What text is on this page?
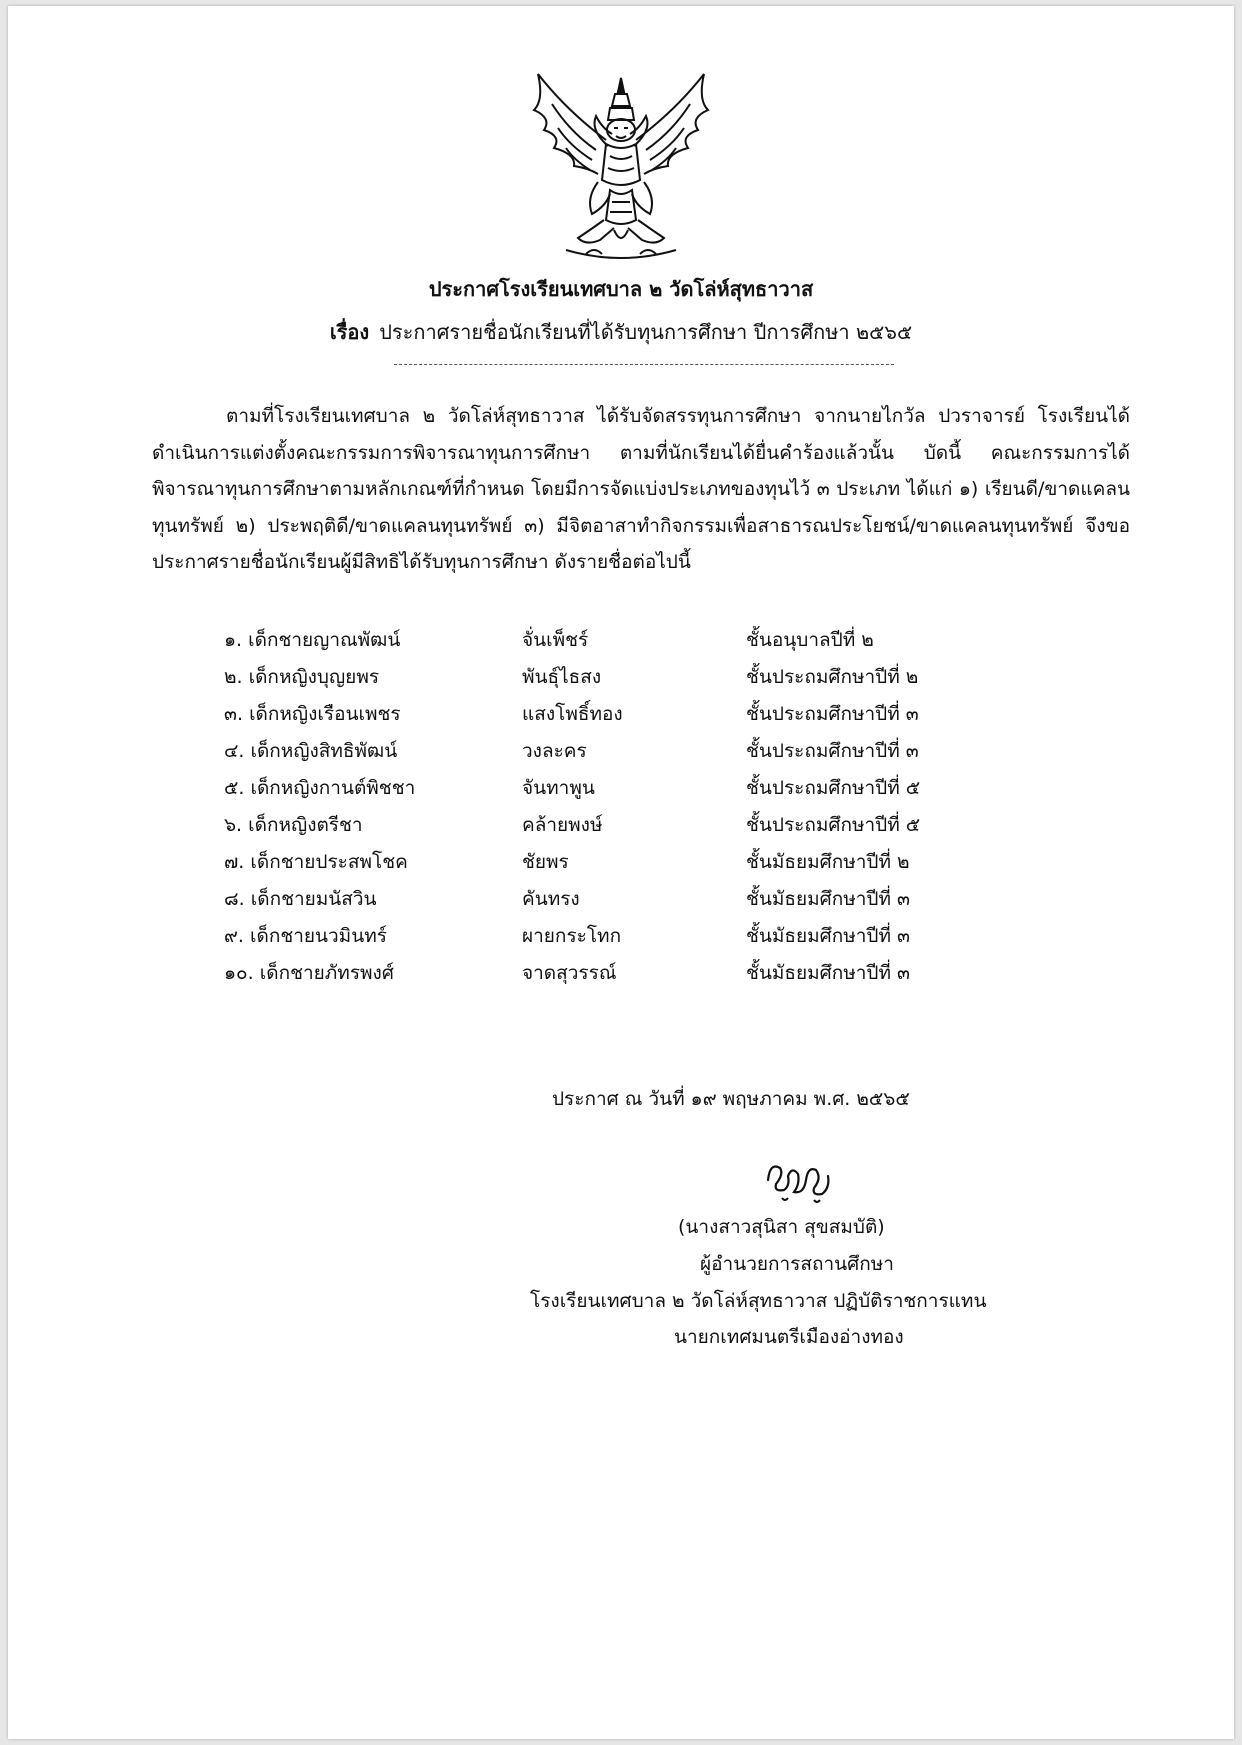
ประกาศโรงเรียนเทศบาล ๒ วัดโล่ห์สุทธาวาส
เรื่อง ประกาศรายชื่อนักเรียนที่ได้รับทุนการศึกษา ปีการศึกษา ๒๕๖๕
ตามที่โรงเรียนเทศบาล ๒ วัดโล่ห์สุทธาวาส ได้รับจัดสรรทุนการศึกษา จากนายไกวัล ปวราจารย์ โรงเรียนได้ดำเนินการแต่งตั้งคณะกรรมการพิจารณาทุนการศึกษา ตามที่นักเรียนได้ยื่นคำร้องแล้วนั้น บัดนี้ คณะกรรมการได้พิจารณาทุนการศึกษาตามหลักเกณฑ์ที่กำหนด โดยมีการจัดแบ่งประเภทของทุนไว้ ๓ ประเภท ได้แก่ ๑) เรียนดี/ขาดแคลนทุนทรัพย์ ๒) ประพฤติดี/ขาดแคลนทุนทรัพย์ ๓) มีจิตอาสาทำกิจกรรมเพื่อสาธารณประโยชน์/ขาดแคลนทุนทรัพย์ จึงขอประกาศรายชื่อนักเรียนผู้มีสิทธิได้รับทุนการศึกษา ดังรายชื่อต่อไปนี้
๑. เด็กชายญาณพัฒน์	จั่นเพ็ชร์	ชั้นอนุบาลปีที่ ๒
๒. เด็กหญิงบุญยพร	พันธุ์ไธสง	ชั้นประถมศึกษาปีที่ ๒
๓. เด็กหญิงเรือนเพชร	แสงโพธิ์ทอง	ชั้นประถมศึกษาปีที่ ๓
๔. เด็กหญิงสิทธิพัฒน์	วงละคร	ชั้นประถมศึกษาปีที่ ๓
๕. เด็กหญิงกานต์พิชชา	จันทาพูน	ชั้นประถมศึกษาปีที่ ๕
๖. เด็กหญิงตรีชา	คล้ายพงษ์	ชั้นประถมศึกษาปีที่ ๕
๗. เด็กชายประสพโชค	ชัยพร	ชั้นมัธยมศึกษาปีที่ ๒
๘. เด็กชายมนัสวิน	คันทรง	ชั้นมัธยมศึกษาปีที่ ๓
๙. เด็กชายนวมินทร์	ผายกระโทก	ชั้นมัธยมศึกษาปีที่ ๓
๑๐. เด็กชายภัทรพงศ์	จาดสุวรรณ์	ชั้นมัธยมศึกษาปีที่ ๓
ประกาศ ณ วันที่ ๑๙ พฤษภาคม พ.ศ. ๒๕๖๕
(นางสาวสุนิสา สุขสมบัติ)
ผู้อำนวยการสถานศึกษา
โรงเรียนเทศบาล ๒ วัดโล่ห์สุทธาวาส ปฏิบัติราชการแทน
นายกเทศมนตรีเมืองอ่างทอง
